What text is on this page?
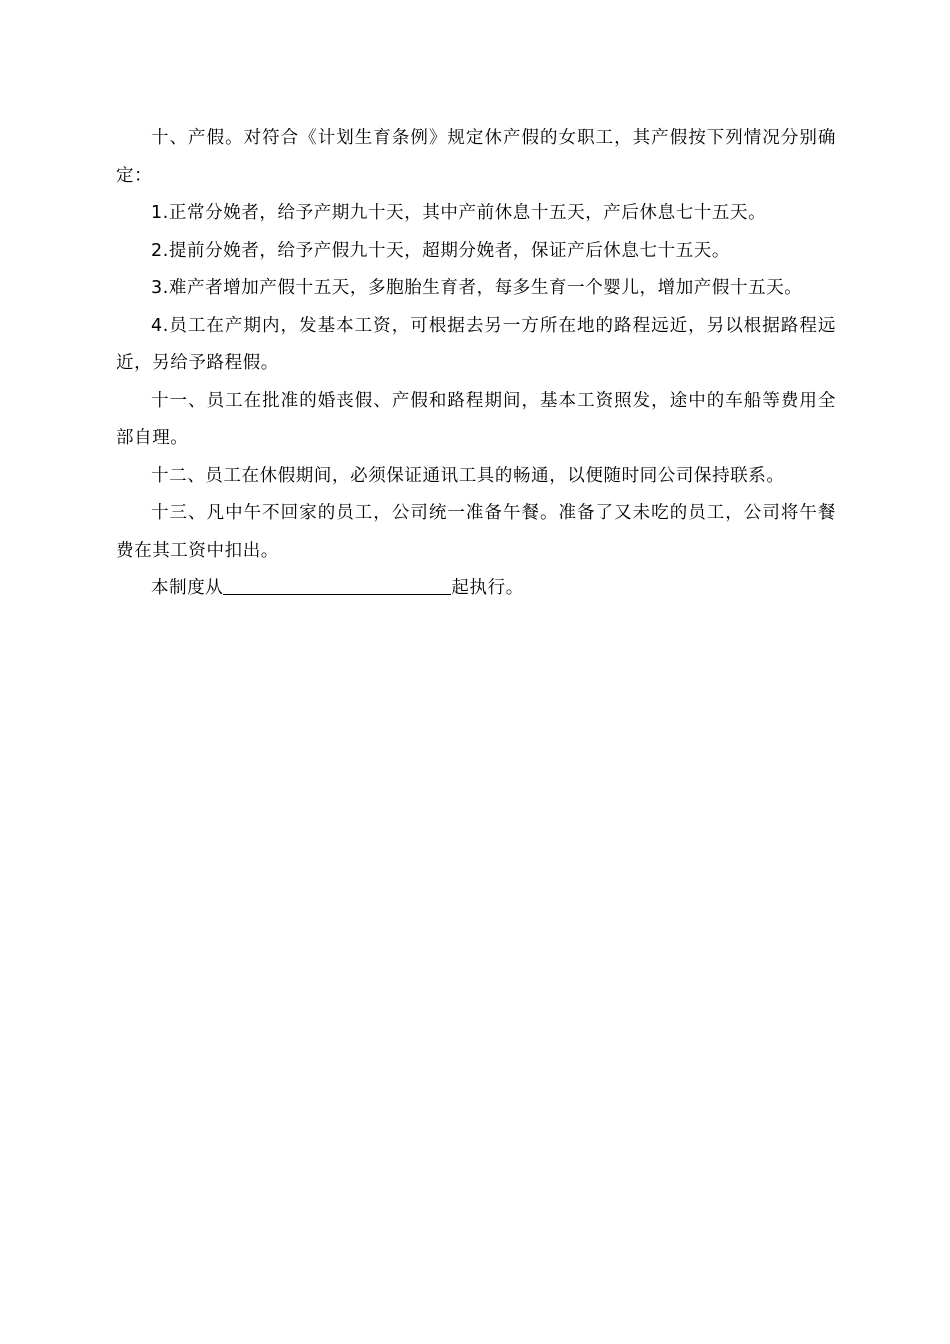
十、产假。对符合《计划生育条例》规定休产假的女职工，其产假按下列情况分别确定：

1.正常分娩者，给予产期九十天，其中产前休息十五天，产后休息七十五天。

2.提前分娩者，给予产假九十天，超期分娩者，保证产后休息七十五天。

3.难产者增加产假十五天，多胞胎生育者，每多生育一个婴儿，增加产假十五天。

4.员工在产期内，发基本工资，可根据去另一方所在地的路程远近，另以根据路程远近，另给予路程假。

十一、员工在批准的婚丧假、产假和路程期间，基本工资照发，途中的车船等费用全部自理。

十二、员工在休假期间，必须保证通讯工具的畅通，以便随时同公司保持联系。

十三、凡中午不回家的员工，公司统一准备午餐。准备了又未吃的员工，公司将午餐费在其工资中扣出。

本制度从	起执行。
